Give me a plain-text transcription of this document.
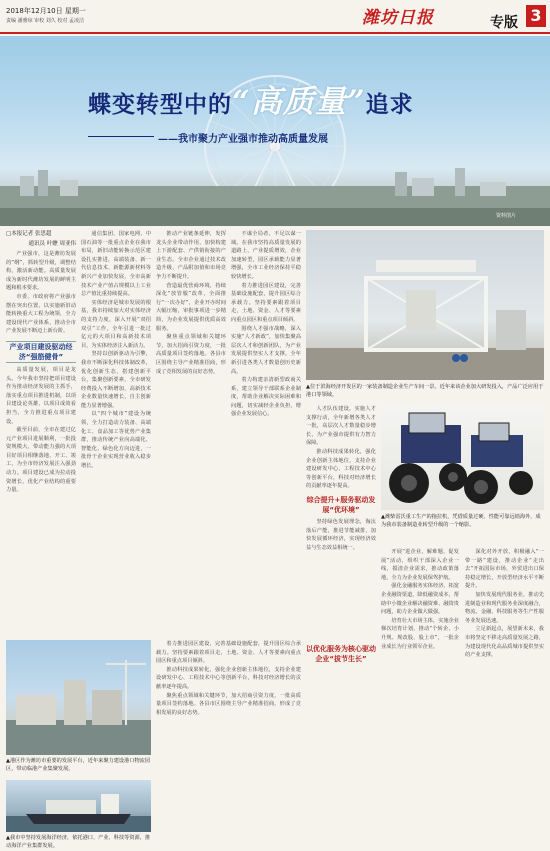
2018年12月10日 星期一
责编 潘雅琼 审校 刘久 校对 孟凌洁	潍坊日报	专版 3
蝶变转型中的“高质量”追求
——我市聚力产业强市推动高质量发展
资料图片
□本报记者 张思超
通讯员 叶嬷 周亚伟

产业强市，这是潍坊发展的“纲”，抓转型升级，调整结构，激活新动能。高质量发展成为新时代潍坊发展的鲜明主题和根本要求。

市委、市政府将产业强市摆在突出位置，以实施新旧动能转换重大工程为统领，全力建设现代产业体系，推动全市产业发展不断迈上新台阶。

产业项目建设驱动经济“强筋健骨”

高质量发展，项目是龙头。今年我市坚持把项目建设作为推动经济发展的主抓手，落实重点项目推进机制，以项目建设论英雄、以项目成效看担当，全力推进重点项目建设。

截至目前，全市在建过亿元产业项目进展顺利，一批投资规模大、带动能力强的大项目好项目相继落地、开工、竣工，为全市经济发展注入强劲动力。项目建设已成为拉动投资增长、优化产业结构的重要力量。

通信集团、国家电网、中国石油等一批重点企业在我市布局，新旧动能转换示范区建设扎实推进，高端装备、新一代信息技术、新能源新材料等新兴产业加快发展，全市高新技术产业产值占规模以上工业总产值比重持续提高。

实体经济是城市发展的根基，我市持续加大对实体经济的支持力度，深入开展“双招双引”工作，全年引进一批过亿元的大项目和高新技术项目，为实体经济注入新活力。

坚持以创新驱动为引擎，我市不断深化科技体制改革，优化创新生态，搭建创新平台，集聚创新要素，全市研发经费投入不断增加，高新技术企业数量快速增长，自主创新能力显著增强。

以“四个城市”建设为统领，全力打造动力装备、高端化工、食品加工等优势产业集群，推动传统产业向高端化、智能化、绿色化方向迈进，一批骨干企业实现营业收入稳步增长。

推动产业链条延伸，发挥龙头企业带动作用，加快构建上下游配套、产供销衔接的产业生态。全市企业通过技术改造升级，产品附加值和市场竞争力不断提升。

营造最优营商环境，持续深化“放管服”改革，全面推行“一次办好”，企业开办时间大幅压缩，审批事项进一步精简，为企业发展提供优质高效服务。

聚焦重点领域和关键环节，加大招商引资力度，一批高质量项目签约落地。各县市区围绕主导产业精准招商，形成了竞相发展的良好态势。

不谋全局者，不足以谋一域。在我市坚持高质量发展的道路上，产业提质增效，企业加速转型，园区承载能力显著增强，全市工业经济保持平稳较快增长。

着力推进园区建设，完善基础设施配套，提升园区综合承载力。坚持要素跟着项目走，土地、资金、人才等要素向重点园区和重点项目倾斜。

围绕人才强市战略，深入实施“人才新政”，加快集聚高层次人才和创新团队，为产业发展提供坚实人才支撑。全年新引进各类人才数量创历史新高。

着力构建亲清新型政商关系，建立领导干部联系企业制度，帮助企业解决实际困难和问题，切实减轻企业负担，增强企业发展信心。

▲位于滨海经济开发区的一家装备制造企业生产车间一景。近年来该企业加大研发投入，产品广泛应用于港口等领域。

人才队伍建设。实施人才支撑行动，全年新增各类人才一批，高层次人才数量稳步增长，为产业强市提供有力智力保障。

推动科技成果转化，强化企业创新主体地位，支持企业建设研发中心、工程技术中心等创新平台，科技对经济增长的贡献率逐年提高。

综合提升+服务驱动发展“优环境”

坚持绿色发展理念，淘汰落后产能，推进节能减排，加快发展循环经济，实现经济效益与生态效益相统一。

▲潍柴雷沃重工生产的拖拉机，凭借质量过硬、性能可靠远销海外，成为我市装备制造业转型升级的一个缩影。

开展“进企业、解难题、促发展”活动，组织干部深入企业一线，摸清企业需求，推动政策落地，全力为企业发展保驾护航。

强化金融服务实体经济，拓宽企业融资渠道，降低融资成本，帮助中小微企业解决融资难、融资贵问题，助力企业做大做强。

培育壮大市场主体，实施企业梯次培育计划，推动“个转企、小升规、规改股、股上市”，一批企业成长为行业领军企业。

深化对外开放，积极融入“一带一路”建设，推动企业“走出去”开拓国际市场，外贸进出口保持稳定增长，开放型经济水平不断提升。

加快发展现代服务业，推动先进制造业和现代服务业深度融合，物流、金融、科技服务等生产性服务业发展迅速。

立足新起点，展望新未来，我市将坚定不移走高质量发展之路，为建设现代化高品质城市提供坚实的产业支撑。

以优化服务为核心驱动企业“拔节生长”
▲港区作为潍坊市重要的发展平台，近年来聚力建设港口物流园区，带动临港产业集聚发展。
▲我市中坚持发展海洋经济，依托港口、产业、科技等资源，推动海洋产业集群发展。

着力推进园区建设，完善基础设施配套，提升园区综合承载力。坚持要素跟着项目走，土地、资金、人才等要素向重点园区和重点项目倾斜。

推动科技成果转化，强化企业创新主体地位，支持企业建设研发中心、工程技术中心等创新平台，科技对经济增长的贡献率逐年提高。

聚焦重点领域和关键环节，加大招商引资力度，一批高质量项目签约落地。各县市区围绕主导产业精准招商，形成了竞相发展的良好态势。
